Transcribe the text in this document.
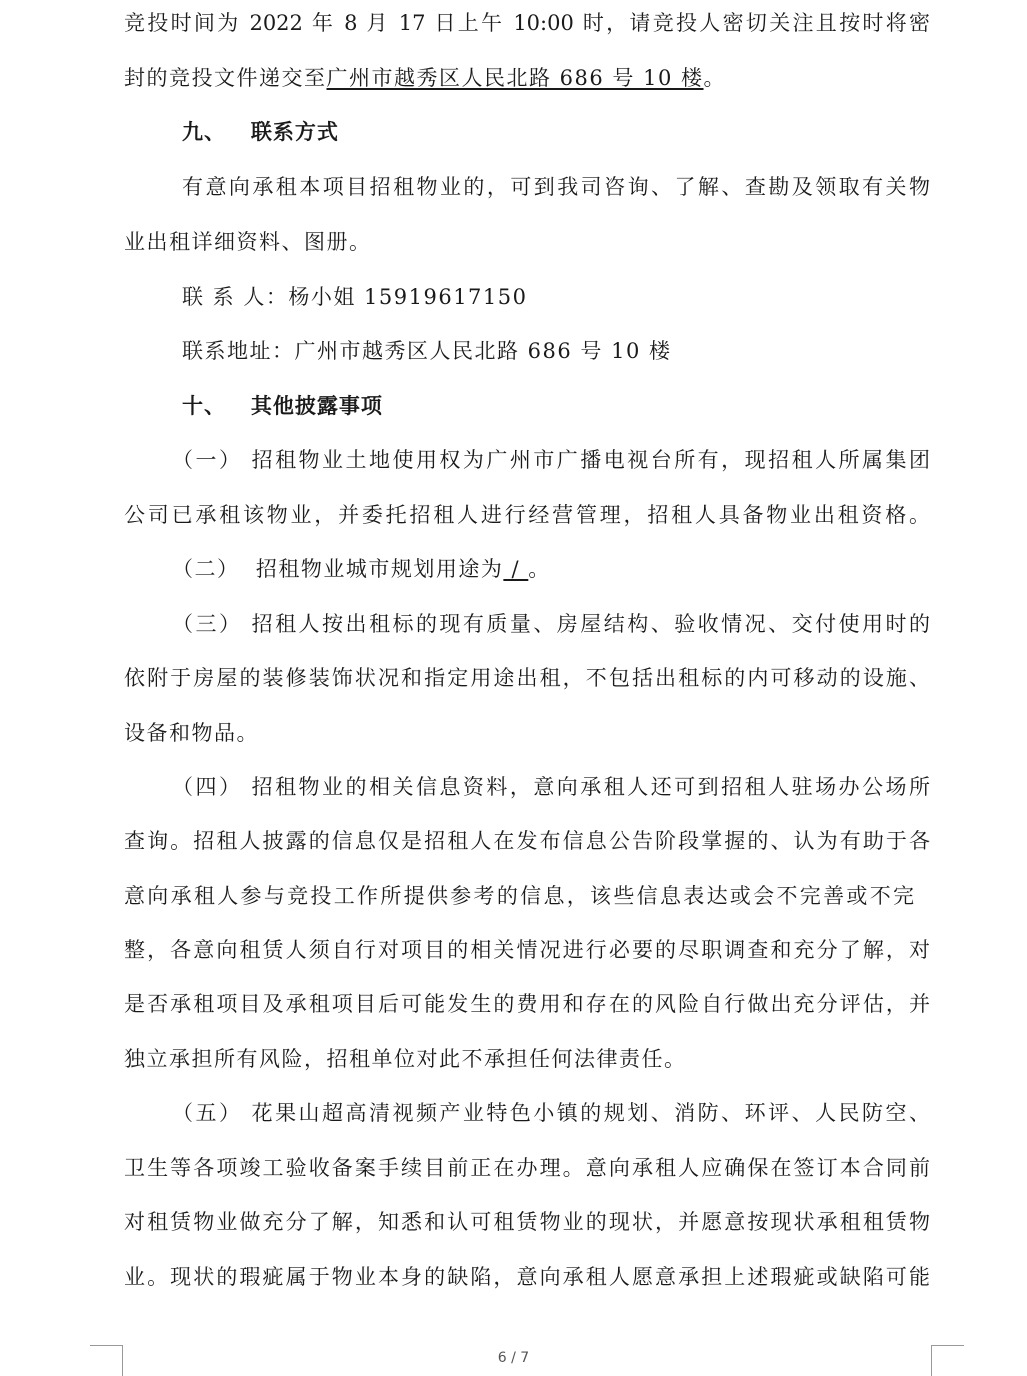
竞投时间为 2022 年 8 月 17 日上午 10:00 时，请竞投人密切关注且按时将密
封的竞投文件递交至广州市越秀区人民北路 686 号 10 楼。
九、   联系方式
有意向承租本项目招租物业的，可到我司咨询、了解、查勘及领取有关物
业出租详细资料、图册。
联 系 人：杨小姐 15919617150
联系地址：广州市越秀区人民北路 686 号 10 楼
十、   其他披露事项
（一） 招租物业土地使用权为广州市广播电视台所有，现招租人所属集团
公司已承租该物业，并委托招租人进行经营管理，招租人具备物业出租资格。
（二）  招租物业城市规划用途为 / 。
（三） 招租人按出租标的现有质量、房屋结构、验收情况、交付使用时的
依附于房屋的装修装饰状况和指定用途出租，不包括出租标的内可移动的设施、
设备和物品。
（四） 招租物业的相关信息资料，意向承租人还可到招租人驻场办公场所
查询。招租人披露的信息仅是招租人在发布信息公告阶段掌握的、认为有助于各
意向承租人参与竞投工作所提供参考的信息，该些信息表达或会不完善或不完
整，各意向租赁人须自行对项目的相关情况进行必要的尽职调查和充分了解，对
是否承租项目及承租项目后可能发生的费用和存在的风险自行做出充分评估，并
独立承担所有风险，招租单位对此不承担任何法律责任。
（五） 花果山超高清视频产业特色小镇的规划、消防、环评、人民防空、
卫生等各项竣工验收备案手续目前正在办理。意向承租人应确保在签订本合同前
对租赁物业做充分了解，知悉和认可租赁物业的现状，并愿意按现状承租租赁物
业。现状的瑕疵属于物业本身的缺陷，意向承租人愿意承担上述瑕疵或缺陷可能
6 / 7
